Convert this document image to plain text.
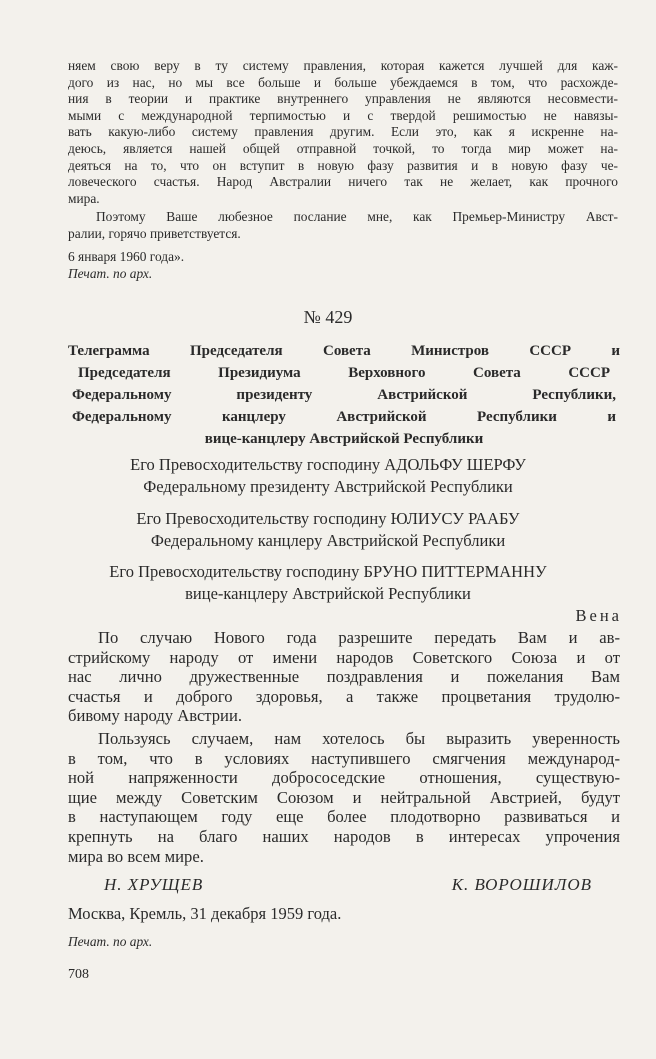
няем свою веру в ту систему правления, которая кажется лучшей для каж-
дого из нас, но мы все больше и больше убеждаемся в том, что расхожде-
ния в теории и практике внутреннего управления не являются несовмести-
мыми с международной терпимостью и с твердой решимостью не навязы-
вать какую-либо систему правления другим. Если это, как я искренне на-
деюсь, является нашей общей отправной точкой, то тогда мир может на-
деяться на то, что он вступит в новую фазу развития и в новую фазу че-
ловеческого счастья. Народ Австралии ничего так не желает, как прочного
мира.
Поэтому Ваше любезное послание мне, как Премьер-Министру Авст-
ралии, горячо приветствуется.
6 января 1960 года».
Печат. по арх.
№ 429
Телеграмма Председателя Совета Министров СССР и
Председателя Президиума Верховного Совета СССР
Федеральному президенту Австрийской Республики,
Федеральному канцлеру Австрийской Республики и
вице-канцлеру Австрийской Республики
Его Превосходительству господину АДОЛЬФУ ШЕРФУ
Федеральному президенту Австрийской Республики
Его Превосходительству господину ЮЛИУСУ РААБУ
Федеральному канцлеру Австрийской Республики
Его Превосходительству господину БРУНО ПИТТЕРМАННУ
вице-канцлеру Австрийской Республики
Вена
По случаю Нового года разрешите передать Вам и ав-
стрийскому народу от имени народов Советского Союза и от
нас лично дружественные поздравления и пожелания Вам
счастья и доброго здоровья, а также процветания трудолю-
бивому народу Австрии.
Пользуясь случаем, нам хотелось бы выразить уверенность
в том, что в условиях наступившего смягчения международ-
ной напряженности добрососедские отношения, существую-
щие между Советским Союзом и нейтральной Австрией, будут
в наступающем году еще более плодотворно развиваться и
крепнуть на благо наших народов в интересах упрочения
мира во всем мире.
Н. ХРУЩЕВ	К. ВОРОШИЛОВ
Москва, Кремль, 31 декабря 1959 года.
Печат. по арх.
708
